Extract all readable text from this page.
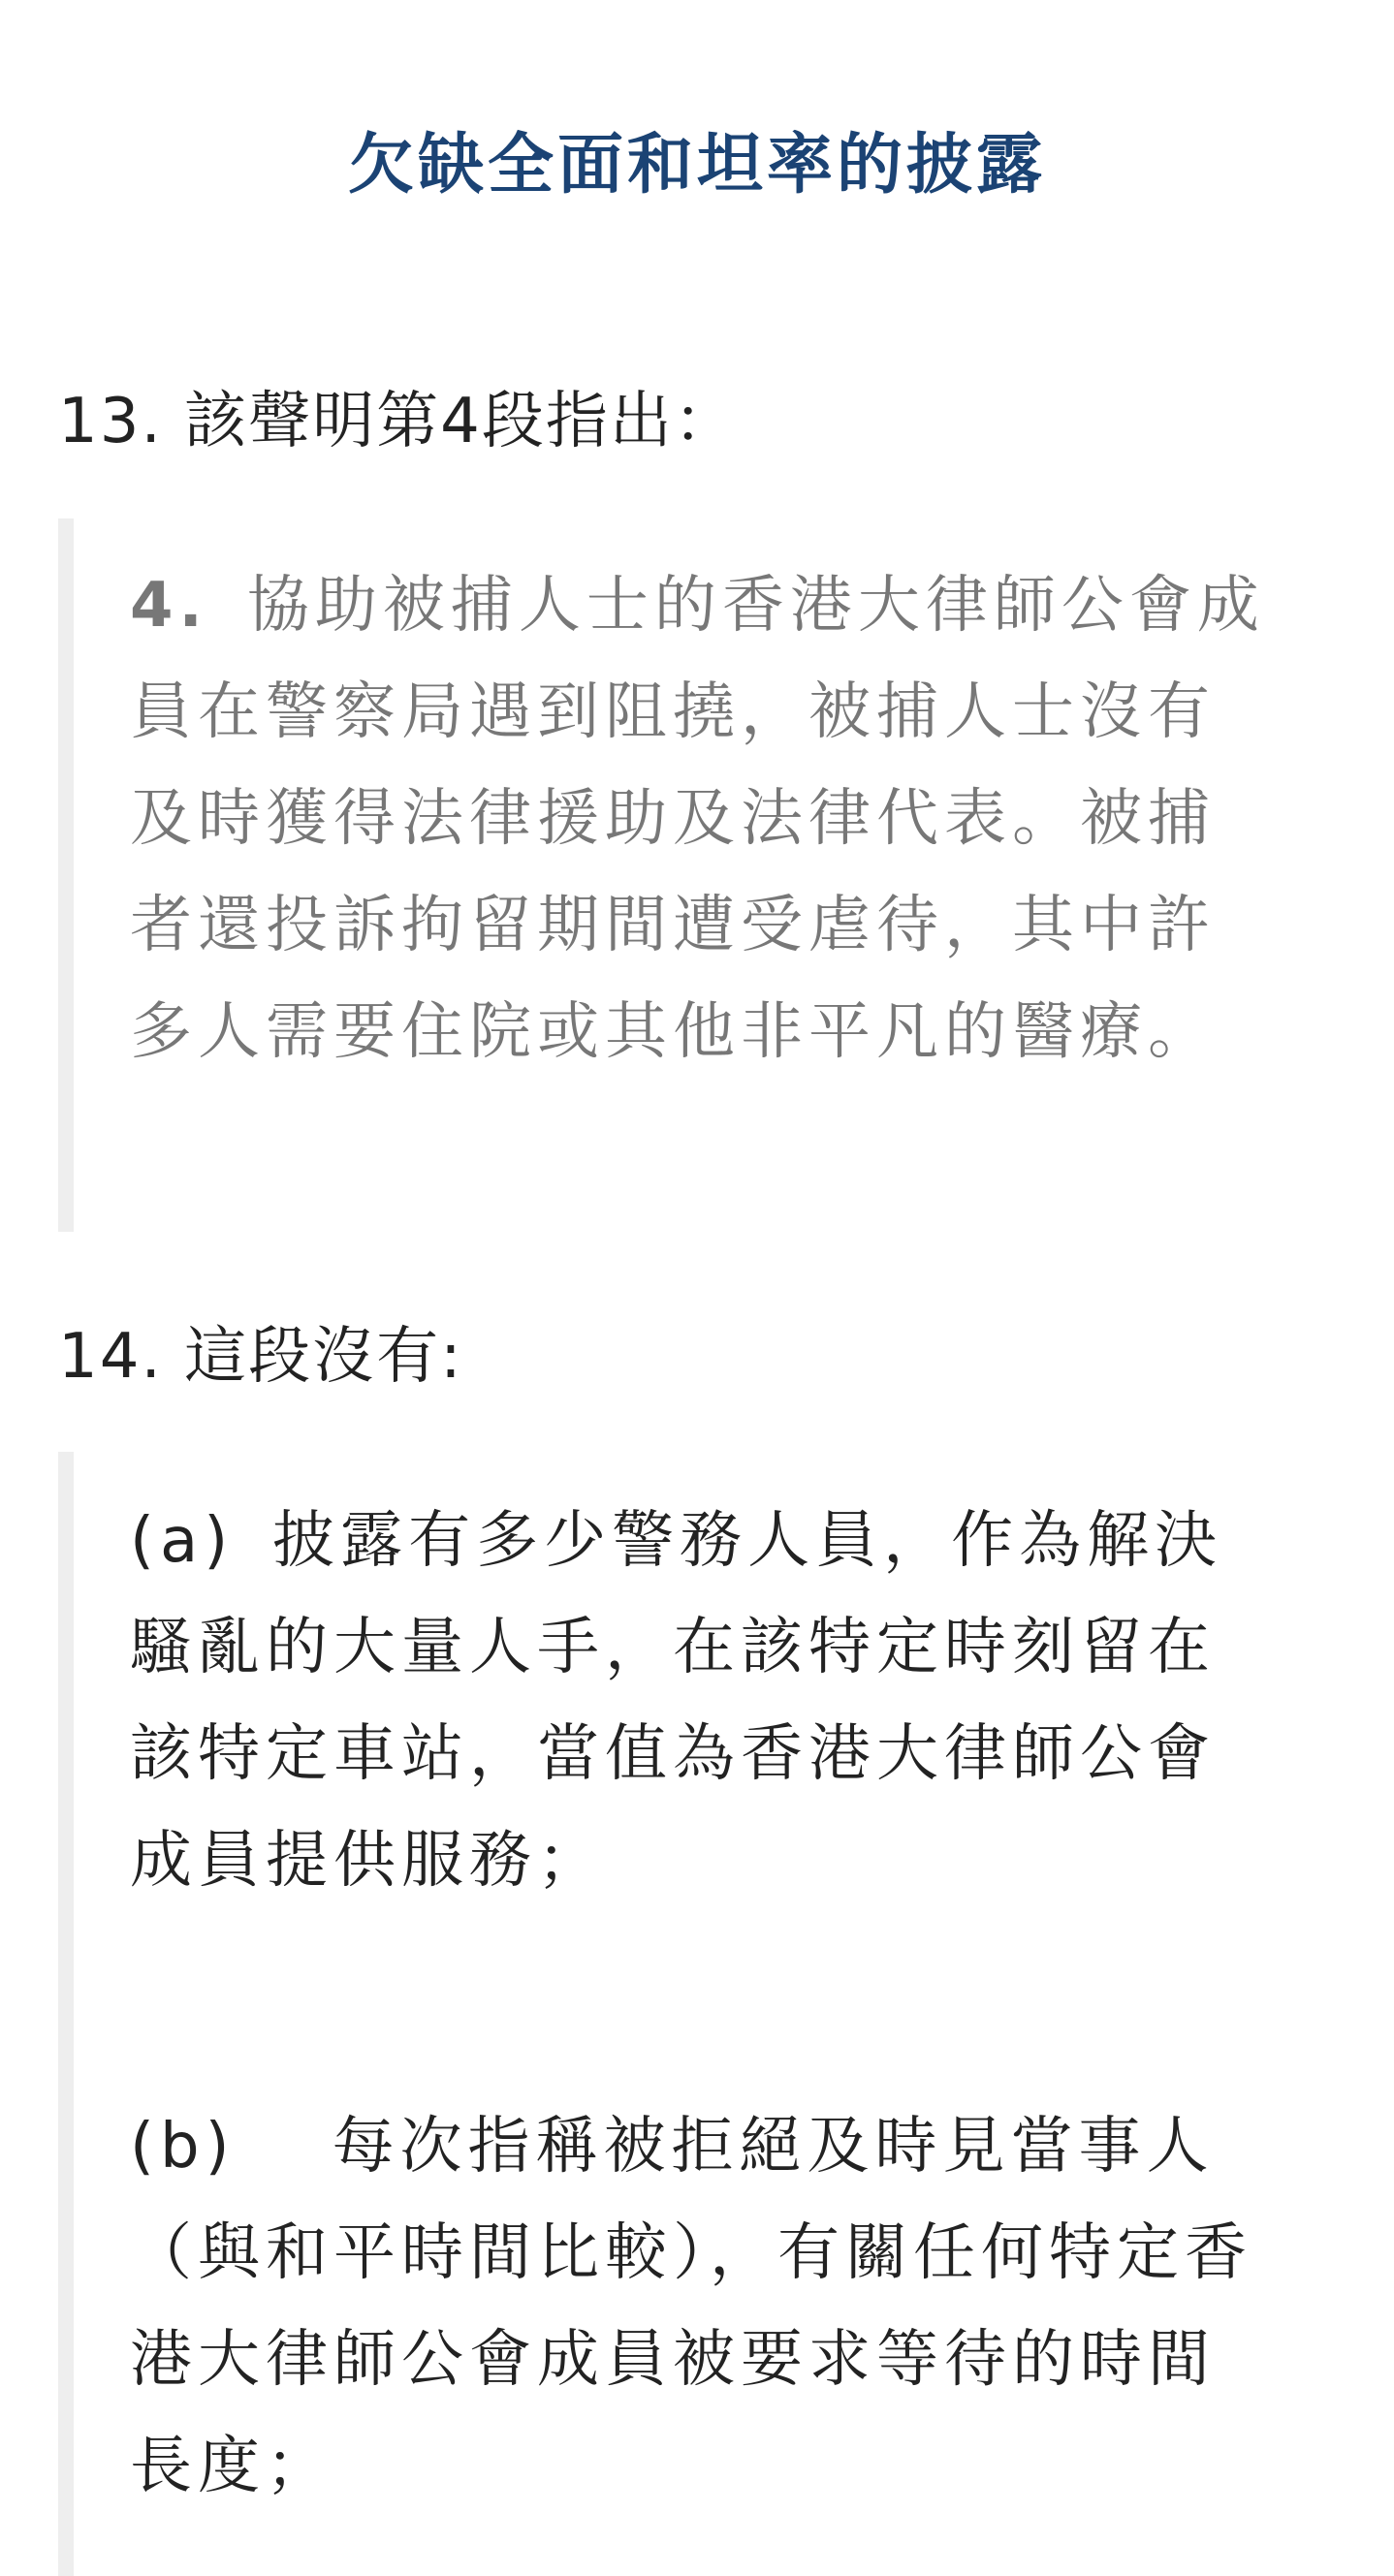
欠缺全面和坦率的披露
13. 該聲明第4段指出：
4. 協助被捕人士的香港大律師公會成員在警察局遇到阻撓，被捕人士沒有及時獲得法律援助及法律代表。被捕者還投訴拘留期間遭受虐待，其中許多人需要住院或其他非平凡的醫療。
14. 這段沒有:
(a) 披露有多少警務人員，作為解決騷亂的大量人手，在該特定時刻留在該特定車站，當值為香港大律師公會成員提供服務；
(b) 每次指稱被拒絕及時見當事人（與和平時間比較），有關任何特定香港大律師公會成員被要求等待的時間長度；
